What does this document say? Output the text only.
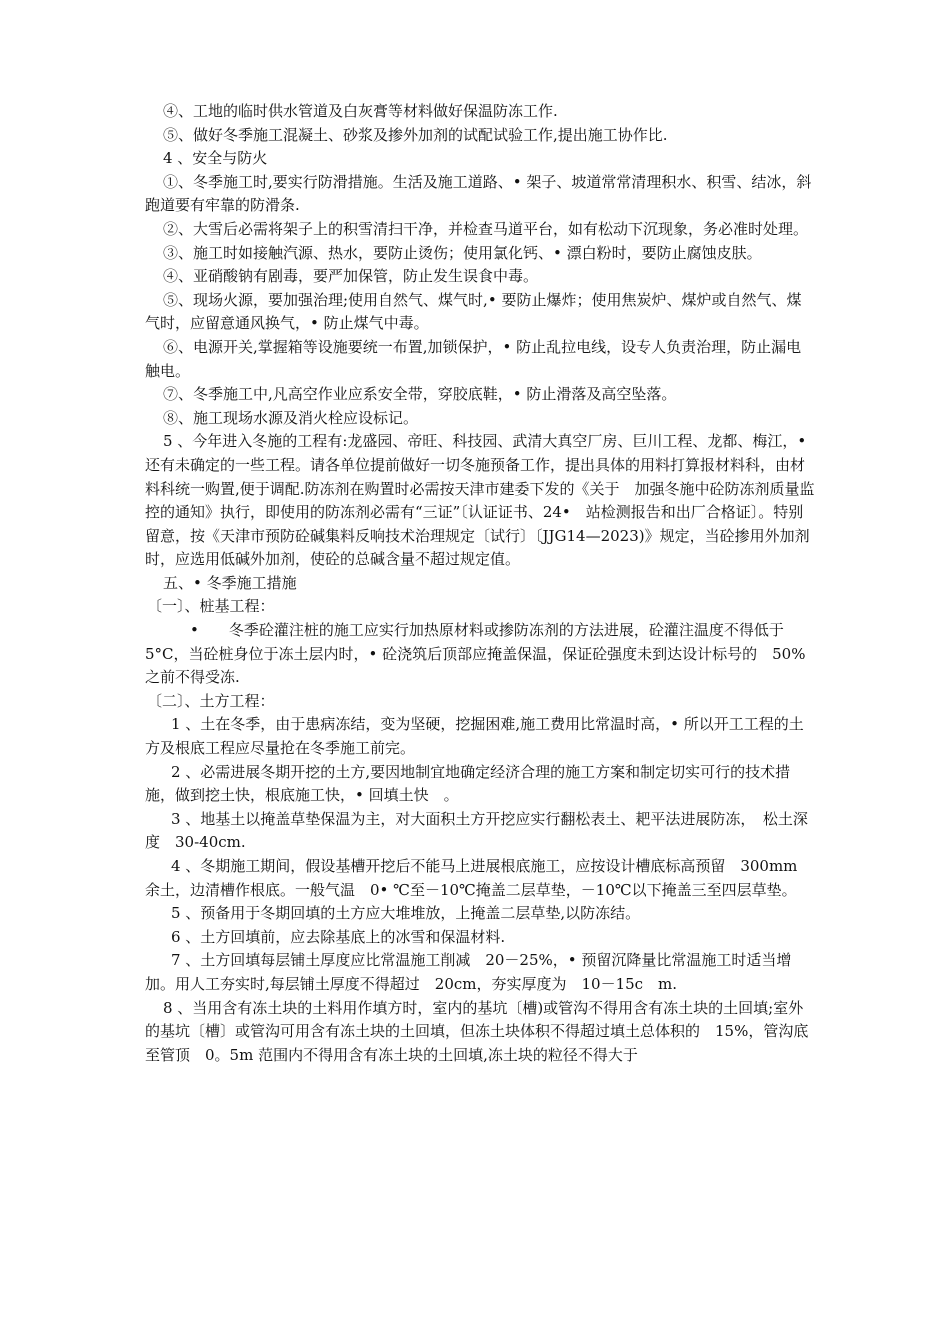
④、工地的临时供水管道及白灰膏等材料做好保温防冻工作.

⑤、做好冬季施工混凝土、砂浆及掺外加剂的试配试验工作,提出施工协作比.

4 、安全与防火

①、冬季施工时,要实行防滑措施。生活及施工道路、• 架子、坡道常常清理积水、积雪、结冰，斜跑道要有牢靠的防滑条.

②、大雪后必需将架子上的积雪清扫干净，并检查马道平台，如有松动下沉现象，务必准时处理。

③、施工时如接触汽源、热水，要防止烫伤；使用氯化钙、• 漂白粉时，要防止腐蚀皮肤。

④、亚硝酸钠有剧毒，要严加保管，防止发生误食中毒。

⑤、现场火源，要加强治理;使用自然气、煤气时,• 要防止爆炸；使用焦炭炉、煤炉或自然气、煤气时，应留意通风换气，• 防止煤气中毒。

⑥、电源开关,掌握箱等设施要统一布置,加锁保护，• 防止乱拉电线，设专人负责治理，防止漏电触电。

⑦、冬季施工中,凡高空作业应系安全带，穿胶底鞋，• 防止滑落及高空坠落。

⑧、施工现场水源及消火栓应设标记。

5 、今年进入冬施的工程有:龙盛园、帝旺、科技园、武清大真空厂房、巨川工程、龙都、梅江，•　还有未确定的一些工程。请各单位提前做好一切冬施预备工作，提出具体的用料打算报材料科，由材料科统一购置,便于调配.防冻剂在购置时必需按天津市建委下发的《关于　加强冬施中砼防冻剂质量监控的通知》执行，即使用的防冻剂必需有“三证”〔认证证书、24•　站检测报告和出厂合格证〕。特别留意，按《天津市预防砼碱集料反响技术治理规定〔试行〕〔JJG14—2023)》规定，当砼掺用外加剂时，应选用低碱外加剂，使砼的总碱含量不超过规定值。

五、• 冬季施工措施

〔一〕、桩基工程：

　•　　冬季砼灌注桩的施工应实行加热原材料或掺防冻剂的方法进展，砼灌注温度不得低于　5°C，当砼桩身位于冻土层内时，• 砼浇筑后顶部应掩盖保温，保证砼强度未到达设计标号的　50%之前不得受冻.

〔二〕、土方工程：

1 、土在冬季，由于患病冻结，变为坚硬，挖掘困难,施工费用比常温时高，• 所以开工工程的土方及根底工程应尽量抢在冬季施工前完。

2 、必需进展冬期开挖的土方,要因地制宜地确定经济合理的施工方案和制定切实可行的技术措施，做到挖土快，根底施工快，• 回填土快　。

3 、地基土以掩盖草垫保温为主，对大面积土方开挖应实行翻松表土、耙平法进展防冻，　松土深度　30-40cm.

4 、冬期施工期间，假设基槽开挖后不能马上进展根底施工，应按设计槽底标高预留　300mm 余土，边清槽作根底。一般气温　0• ℃至－10℃掩盖二层草垫，－10℃以下掩盖三至四层草垫。

5 、预备用于冬期回填的土方应大堆堆放，上掩盖二层草垫,以防冻结。

6 、土方回填前，应去除基底上的冰雪和保温材料.

7 、土方回填每层铺土厚度应比常温施工削减　20－25%，• 预留沉降量比常温施工时适当增加。用人工夯实时,每层铺土厚度不得超过　20cm，夯实厚度为　10－15c　m.

8 、当用含有冻土块的土料用作填方时，室内的基坑〔槽)或管沟不得用含有冻土块的土回填;室外的基坑〔槽〕或管沟可用含有冻土块的土回填，但冻土块体积不得超过填土总体积的　15%，管沟底至管顶　0。5m 范围内不得用含有冻土块的土回填,冻土块的粒径不得大于
